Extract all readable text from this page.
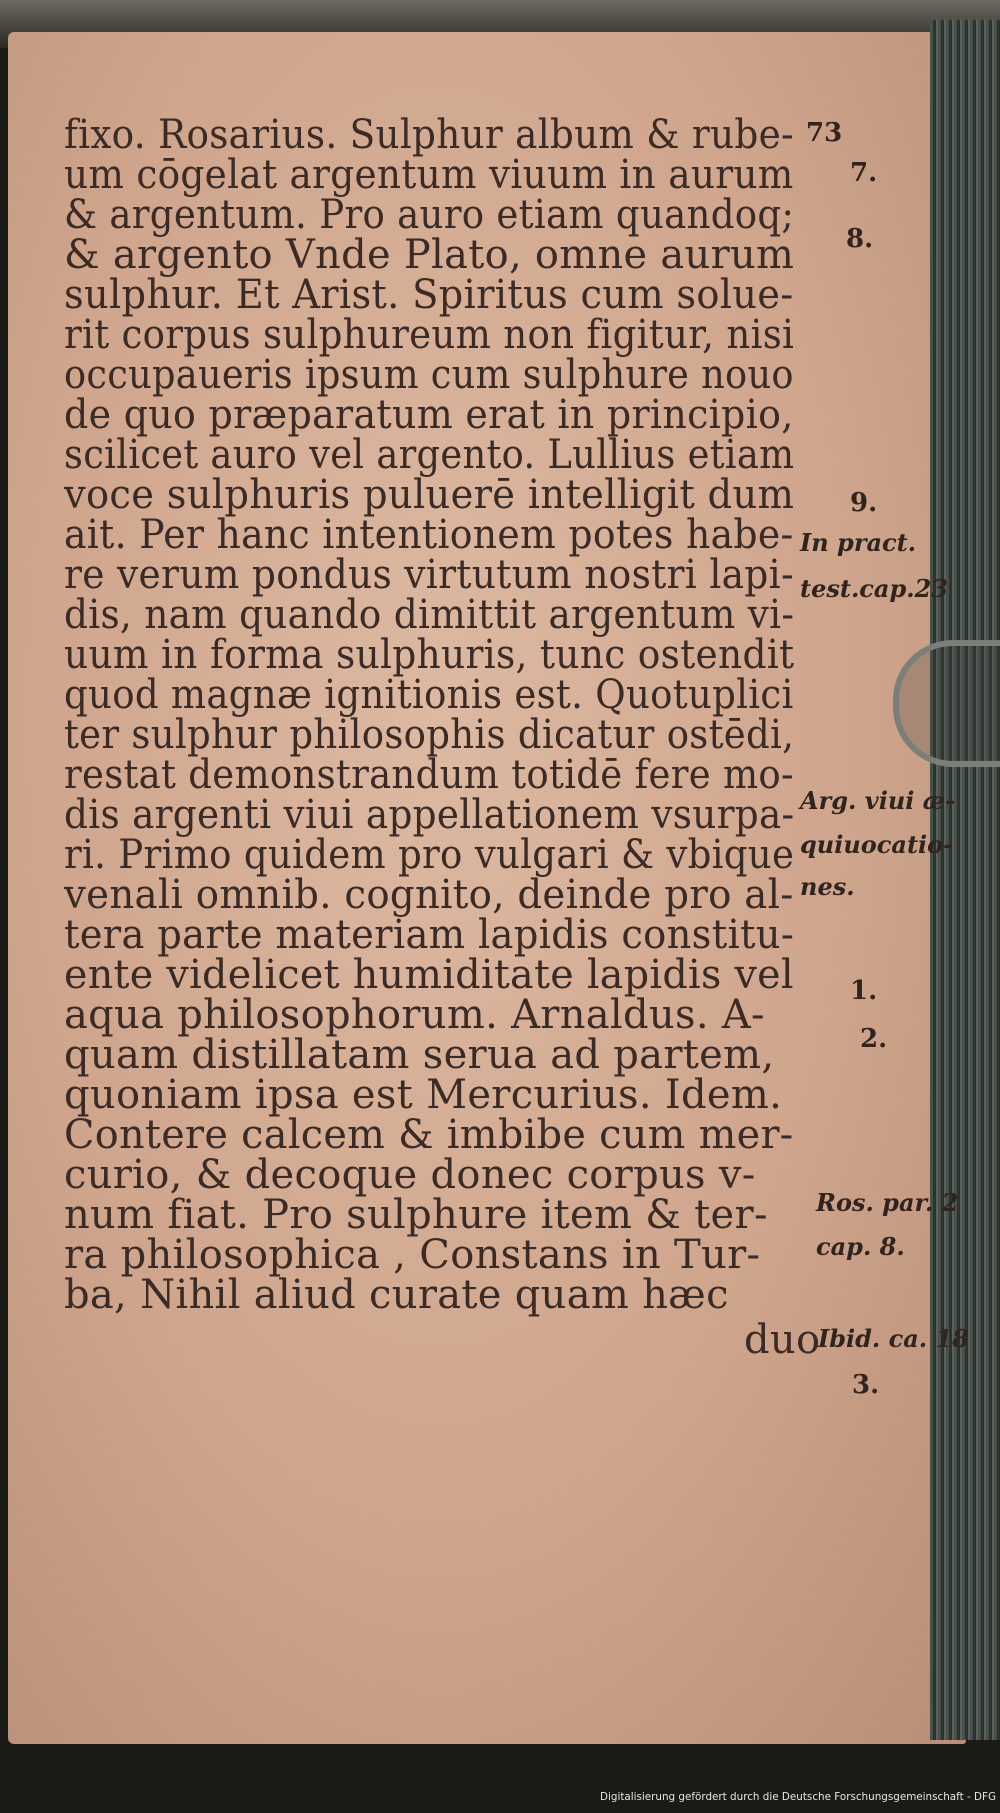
fixo. Rosarius. Sulphur album & rube-
um cōgelat argentum viuum in aurum
& argentum. Pro auro etiam quandoq;
& argento Vnde Plato, omne aurum
sulphur. Et Arist. Spiritus cum solue-
rit corpus sulphureum non figitur, nisi
occupaueris ipsum cum sulphure nouo
de quo præparatum erat in principio,
scilicet auro vel argento. Lullius etiam
voce sulphuris puluerē intelligit dum
ait. Per hanc intentionem potes habe-
re verum pondus virtutum nostri lapi-
dis, nam quando dimittit argentum vi-
uum in forma sulphuris, tunc ostendit
quod magnæ ignitionis est. Quotuplici
ter sulphur philosophis dicatur ostēdi,
restat demonstrandum totidē fere mo-
dis argenti viui appellationem vsurpa-
ri. Primo quidem pro vulgari & vbique
venali omnib. cognito, deinde pro al-
tera parte materiam lapidis constitu-
ente videlicet humiditate lapidis vel
aqua philosophorum. Arnaldus. A-
quam distillatam serua ad partem,
quoniam ipsa est Mercurius. Idem.
Contere calcem & imbibe cum mer-
curio, & decoque donec corpus v-
num fiat. Pro sulphure item & ter-
ra philosophica , Constans in Tur-
ba, Nihil aliud curate quam hæc
duo
73
7.
8.
9.
In pract.
test.cap.23
Arg. viui æ-
quiuocatio-
nes.
1.
2.
Ros. par. 2
cap. 8.
Ibid. ca. 18
3.
Digitalisierung gefördert durch die Deutsche Forschungsgemeinschaft - DFG
